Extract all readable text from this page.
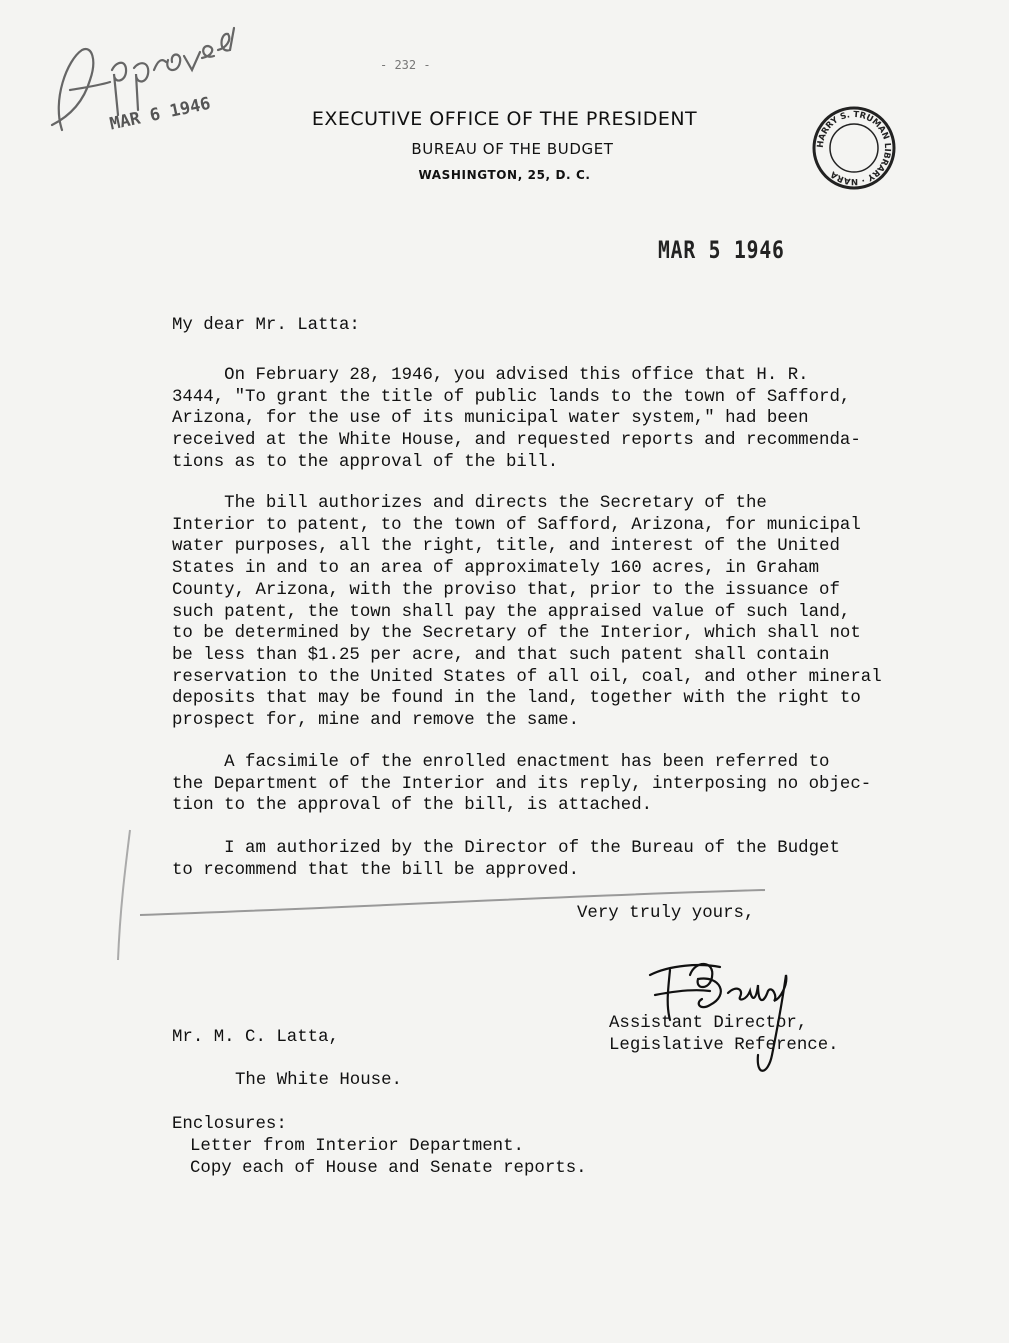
- 232 -
MAR 6 1946	EXECUTIVE OFFICE OF THE PRESIDENT
BUREAU OF THE BUDGET
WASHINGTON, 25, D. C.
HARRY S. TRUMAN LIBRARY · NARA
MAR 5 1946
My dear Mr. Latta:
On February 28, 1946, you advised this office that H. R.
3444, "To grant the title of public lands to the town of Safford,
Arizona, for the use of its municipal water system," had been
received at the White House, and requested reports and recommenda-
tions as to the approval of the bill.
The bill authorizes and directs the Secretary of the
Interior to patent, to the town of Safford, Arizona, for municipal
water purposes, all the right, title, and interest of the United
States in and to an area of approximately 160 acres, in Graham
County, Arizona, with the proviso that, prior to the issuance of
such patent, the town shall pay the appraised value of such land,
to be determined by the Secretary of the Interior, which shall not
be less than $1.25 per acre, and that such patent shall contain
reservation to the United States of all oil, coal, and other mineral
deposits that may be found in the land, together with the right to
prospect for, mine and remove the same.
A facsimile of the enrolled enactment has been referred to
the Department of the Interior and its reply, interposing no objec-
tion to the approval of the bill, is attached.
I am authorized by the Director of the Bureau of the Budget
to recommend that the bill be approved.
Very truly yours,
Assistant Director,
Legislative Reference.
Mr. M. C. Latta,
The White House.
Enclosures:
Letter from Interior Department.
Copy each of House and Senate reports.
